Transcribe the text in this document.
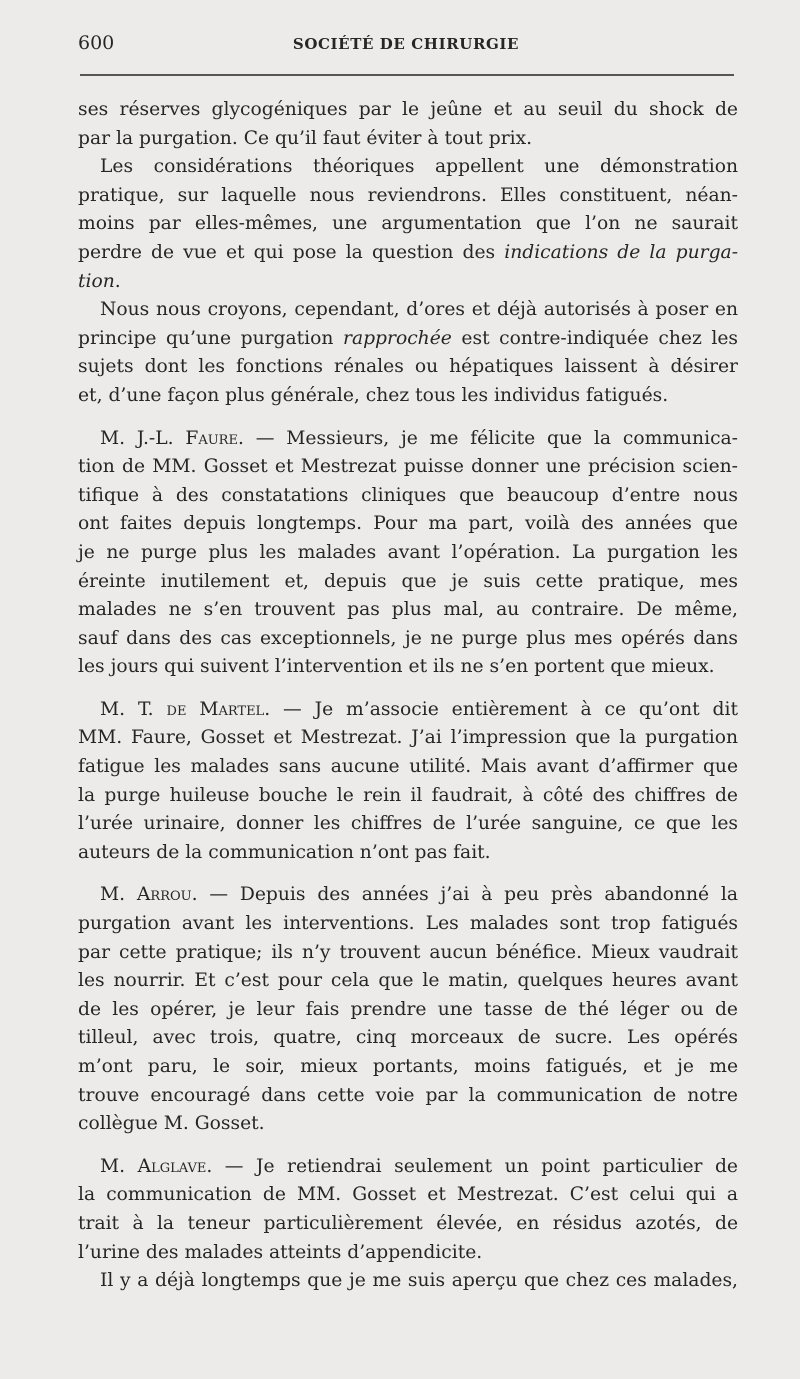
600	SOCIÉTÉ DE CHIRURGIE
ses réserves glycogéniques par le jeûne et au seuil du shock de
par la purgation. Ce qu’il faut éviter à tout prix.
Les considérations théoriques appellent une démonstration
pratique, sur laquelle nous reviendrons. Elles constituent, néan-
moins par elles-mêmes, une argumentation que l’on ne saurait
perdre de vue et qui pose la question des indications de la purga-
tion.
Nous nous croyons, cependant, d’ores et déjà autorisés à poser en
principe qu’une purgation rapprochée est contre-indiquée chez les
sujets dont les fonctions rénales ou hépatiques laissent à désirer
et, d’une façon plus générale, chez tous les individus fatigués.
M. J.-L. Faure. — Messieurs, je me félicite que la communica-
tion de MM. Gosset et Mestrezat puisse donner une précision scien-
tifique à des constatations cliniques que beaucoup d’entre nous
ont faites depuis longtemps. Pour ma part, voilà des années que
je ne purge plus les malades avant l’opération. La purgation les
éreinte inutilement et, depuis que je suis cette pratique, mes
malades ne s’en trouvent pas plus mal, au contraire. De même,
sauf dans des cas exceptionnels, je ne purge plus mes opérés dans
les jours qui suivent l’intervention et ils ne s’en portent que mieux.
M. T. de Martel. — Je m’associe entièrement à ce qu’ont dit
MM. Faure, Gosset et Mestrezat. J’ai l’impression que la purgation
fatigue les malades sans aucune utilité. Mais avant d’affirmer que
la purge huileuse bouche le rein il faudrait, à côté des chiffres de
l’urée urinaire, donner les chiffres de l’urée sanguine, ce que les
auteurs de la communication n’ont pas fait.
M. Arrou. — Depuis des années j’ai à peu près abandonné la
purgation avant les interventions. Les malades sont trop fatigués
par cette pratique; ils n’y trouvent aucun bénéfice. Mieux vaudrait
les nourrir. Et c’est pour cela que le matin, quelques heures avant
de les opérer, je leur fais prendre une tasse de thé léger ou de
tilleul, avec trois, quatre, cinq morceaux de sucre. Les opérés
m’ont paru, le soir, mieux portants, moins fatigués, et je me
trouve encouragé dans cette voie par la communication de notre
collègue M. Gosset.
M. Alglave. — Je retiendrai seulement un point particulier de
la communication de MM. Gosset et Mestrezat. C’est celui qui a
trait à la teneur particulièrement élevée, en résidus azotés, de
l’urine des malades atteints d’appendicite.
Il y a déjà longtemps que je me suis aperçu que chez ces malades,
